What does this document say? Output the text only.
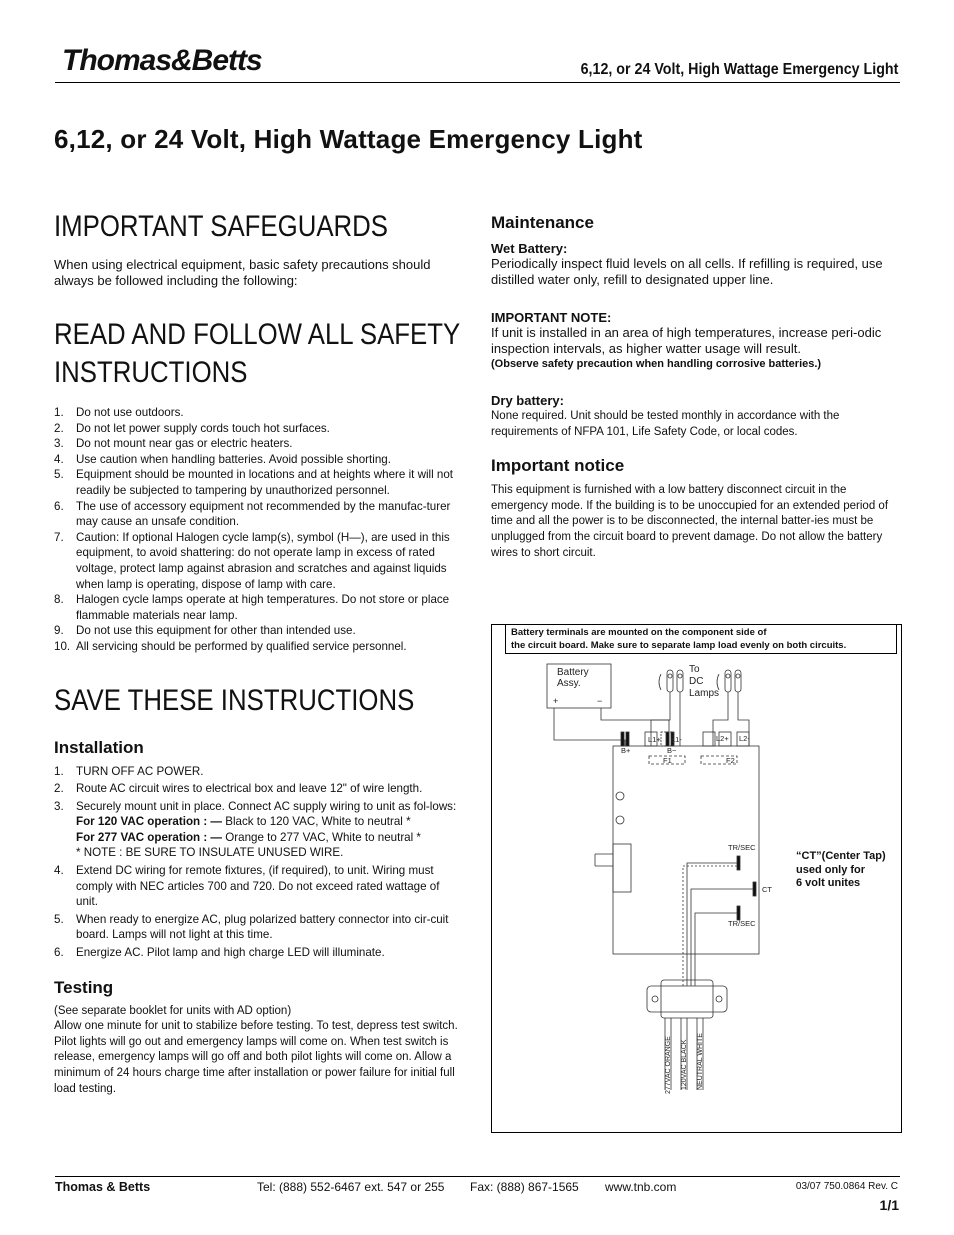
Thomas&Betts	6,12, or 24 Volt, High Wattage Emergency Light
6,12, or 24 Volt, High Wattage Emergency Light
IMPORTANT SAFEGUARDS
When using electrical equipment, basic safety precautions should always be followed including the following:
READ AND FOLLOW ALL SAFETY
INSTRUCTIONS
1. Do not use outdoors.
2. Do not let power supply cords touch hot surfaces.
3. Do not mount near gas or electric heaters.
4. Use caution when handling batteries. Avoid possible shorting.
5. Equipment should be mounted in locations and at heights where it will not readily be subjected to tampering by unauthorized personnel.
6. The use of accessory equipment not recommended by the manufac-turer may cause an unsafe condition.
7. Caution: If optional Halogen cycle lamp(s), symbol (H—), are used in this equipment, to avoid shattering: do not operate lamp in excess of rated voltage, protect lamp against abrasion and scratches and against liquids when lamp is operating, dispose of lamp with care.
8. Halogen cycle lamps operate at high temperatures. Do not store or place flammable materials near lamp.
9. Do not use this equipment for other than intended use.
10. All servicing should be performed by qualified service personnel.
SAVE THESE INSTRUCTIONS
Installation
1. TURN OFF AC POWER.
2. Route AC circuit wires to electrical box and leave 12" of wire length.
3. Securely mount unit in place. Connect AC supply wiring to unit as fol-lows:
For 120 VAC operation : — Black to 120 VAC, White to neutral *
For 277 VAC operation : — Orange to 277 VAC, White to neutral *
* NOTE : BE SURE TO INSULATE UNUSED WIRE.
4. Extend DC wiring for remote fixtures, (if required), to unit. Wiring must comply with NEC articles 700 and 720. Do not exceed rated wattage of unit.
5. When ready to energize AC, plug polarized battery connector into cir-cuit board. Lamps will not light at this time.
6. Energize AC. Pilot lamp and high charge LED will illuminate.
Testing
(See separate booklet for units with AD option)
Allow one minute for unit to stabilize before testing. To test, depress test switch. Pilot lights will go out and emergency lamps will come on. When test switch is release, emergency lamps will go off and both pilot lights will come on. Allow a minimum of 24 hours charge time after installation or power failure for initial full load testing.
Maintenance
Wet Battery:
Periodically inspect fluid levels on all cells. If refilling is required, use distilled water only, refill to designated upper line.
IMPORTANT NOTE:
If unit is installed in an area of high temperatures, increase peri-odic inspection intervals, as higher watter usage will result.
(Observe safety precaution when handling corrosive batteries.)
Dry battery:
None required. Unit should be tested monthly in accordance with the requirements of NFPA 101, Life Safety Code, or local codes.
Important notice
This equipment is furnished with a low battery disconnect circuit in the emergency mode. If the building is to be unoccupied for an extended period of time and all the power is to be disconnected, the internal batter-ies must be unplugged from the circuit board to prevent damage. Do not allow the battery wires to short circuit.
Battery terminals are mounted on the component side of
the circuit board. Make sure to separate lamp load evenly on both circuits.
Battery
Assy.
+	−
To
DC
Lamps
B+	B−
L1+ L1-	L2+ L2-
F1	F2
TR/SEC
CT
TR/SEC
277VAC ORANGE 120VAC BLACK NEUTRAL WHITE
“CT”(Center Tap)
used only for
6 volt unites
Thomas & Betts	Tel: (888) 552-6467 ext. 547 or 255 Fax: (888) 867-1565 www.tnb.com	03/07 750.0864 Rev. C
1/1
